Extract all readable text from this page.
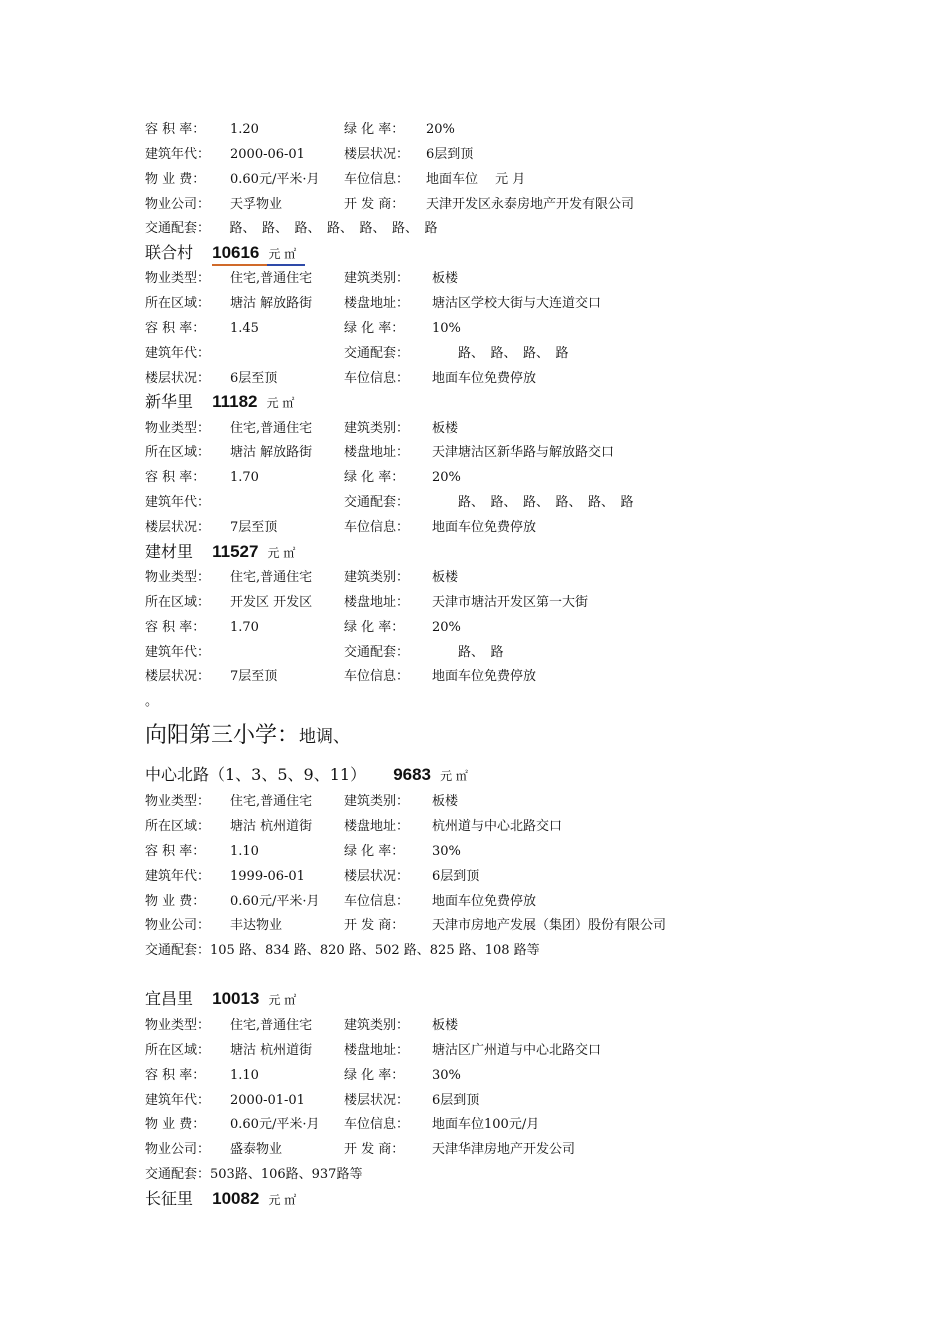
容 积 率： 1.20	绿 化 率： 20%
建筑年代： 2000-06-01	楼层状况： 6层到顶
物 业 费： 0.60元/平米·月 车位信息： 地面车位　 元 月
物业公司： 天孚物业	开 发 商： 天津开发区永泰房地产开发有限公司
交通配套：　　路、　路、　路、　路、　路、　路、　路
联合村 10616 元 ㎡
物业类型： 住宅,普通住宅 建筑类别： 板楼
所在区域： 塘沽 解放路街 楼盘地址： 塘沽区学校大街与大连道交口
容 积 率： 1.45	绿 化 率： 10%
建筑年代：	交通配套： 　　路、　路、　路、　路
楼层状况： 6层至顶	车位信息： 地面车位免费停放
新华里 11182 元 ㎡
物业类型： 住宅,普通住宅 建筑类别： 板楼
所在区域： 塘沽 解放路街 楼盘地址： 天津塘沽区新华路与解放路交口
容 积 率： 1.70	绿 化 率： 20%
建筑年代：	交通配套： 　　路、　路、　路、　路、　路、　路
楼层状况： 7层至顶	车位信息： 地面车位免费停放
建材里 11527 元 ㎡
物业类型： 住宅,普通住宅 建筑类别： 板楼
所在区域： 开发区 开发区 楼盘地址： 天津市塘沽开发区第一大街
容 积 率： 1.70	绿 化 率： 20%
建筑年代：	交通配套： 　　路、　路
楼层状况： 7层至顶	车位信息： 地面车位免费停放
。
向阳第三小学：地调、
中心北路（1、3、5、9、11） 9683 元 ㎡
物业类型： 住宅,普通住宅 建筑类别： 板楼
所在区域： 塘沽 杭州道街 楼盘地址： 杭州道与中心北路交口
容 积 率： 1.10	绿 化 率： 30%
建筑年代： 1999-06-01	楼层状况： 6层到顶
物 业 费： 0.60元/平米·月 车位信息： 地面车位免费停放
物业公司： 丰达物业	开 发 商： 天津市房地产发展（集团）股份有限公司
交通配套：105 路、834 路、820 路、502 路、825 路、108 路等
宜昌里 10013 元 ㎡
物业类型： 住宅,普通住宅 建筑类别： 板楼
所在区域： 塘沽 杭州道街 楼盘地址： 塘沽区广州道与中心北路交口
容 积 率： 1.10	绿 化 率： 30%
建筑年代： 2000-01-01	楼层状况： 6层到顶
物 业 费： 0.60元/平米·月 车位信息： 地面车位100元/月
物业公司： 盛泰物业	开 发 商： 天津华津房地产开发公司
交通配套：503路、106路、937路等
长征里 10082 元 ㎡
